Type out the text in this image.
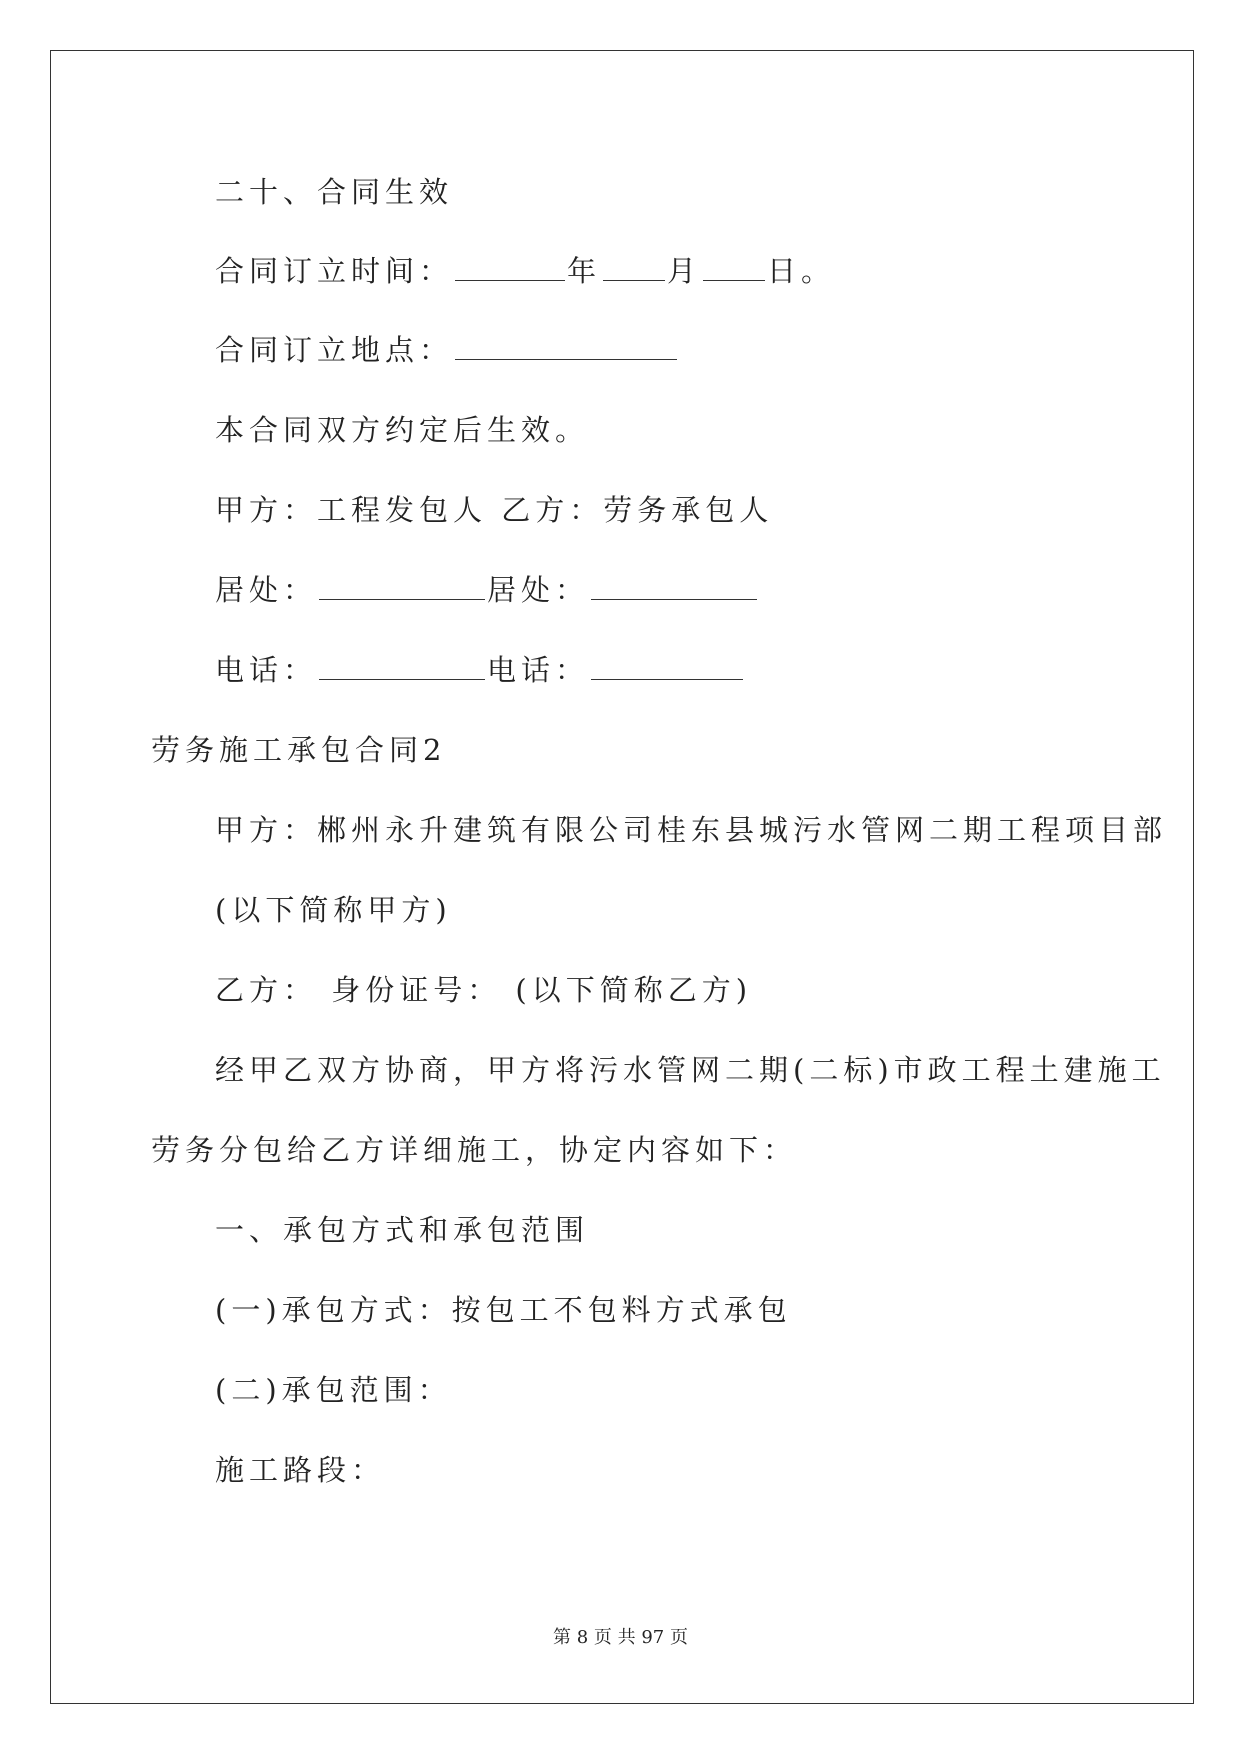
二十、合同生效
合同订立时间：	年 月 日。
合同订立地点：
本合同双方约定后生效。
甲方：工程发包人 乙方：劳务承包人
居处：	居处：
电话：	电话：
劳务施工承包合同2
甲方：郴州永升建筑有限公司桂东县城污水管网二期工程项目部
(以下简称甲方)
乙方： 身份证号： (以下简称乙方)
经甲乙双方协商，甲方将污水管网二期(二标)市政工程土建施工
劳务分包给乙方详细施工，协定内容如下：
一、承包方式和承包范围
(一)承包方式：按包工不包料方式承包
(二)承包范围：
施工路段：
第 8 页 共 97 页
